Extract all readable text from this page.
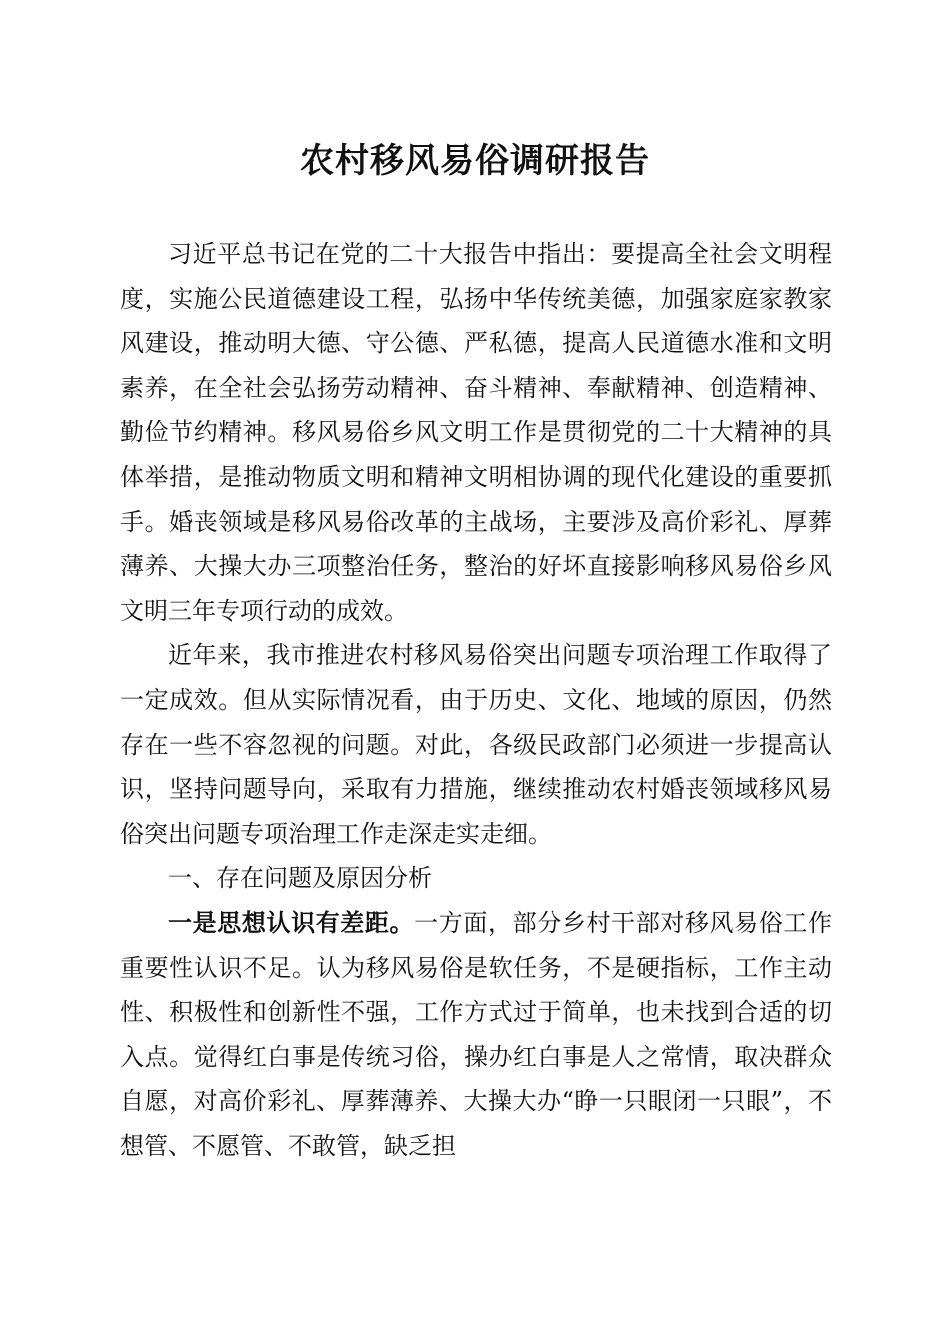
农村移风易俗调研报告

习近平总书记在党的二十大报告中指出：要提高全社会文明程度，实施公民道德建设工程，弘扬中华传统美德，加强家庭家教家风建设，推动明大德、守公德、严私德，提高人民道德水准和文明素养，在全社会弘扬劳动精神、奋斗精神、奉献精神、创造精神、勤俭节约精神。移风易俗乡风文明工作是贯彻党的二十大精神的具体举措，是推动物质文明和精神文明相协调的现代化建设的重要抓手。婚丧领域是移风易俗改革的主战场，主要涉及高价彩礼、厚葬薄养、大操大办三项整治任务，整治的好坏直接影响移风易俗乡风文明三年专项行动的成效。

近年来，我市推进农村移风易俗突出问题专项治理工作取得了一定成效。但从实际情况看，由于历史、文化、地域的原因，仍然存在一些不容忽视的问题。对此，各级民政部门必须进一步提高认识，坚持问题导向，采取有力措施，继续推动农村婚丧领域移风易俗突出问题专项治理工作走深走实走细。

一、存在问题及原因分析

一是思想认识有差距。一方面，部分乡村干部对移风易俗工作重要性认识不足。认为移风易俗是软任务，不是硬指标，工作主动性、积极性和创新性不强，工作方式过于简单，也未找到合适的切入点。觉得红白事是传统习俗，操办红白事是人之常情，取决群众自愿，对高价彩礼、厚葬薄养、大操大办“睁一只眼闭一只眼”，不想管、不愿管、不敢管，缺乏担
